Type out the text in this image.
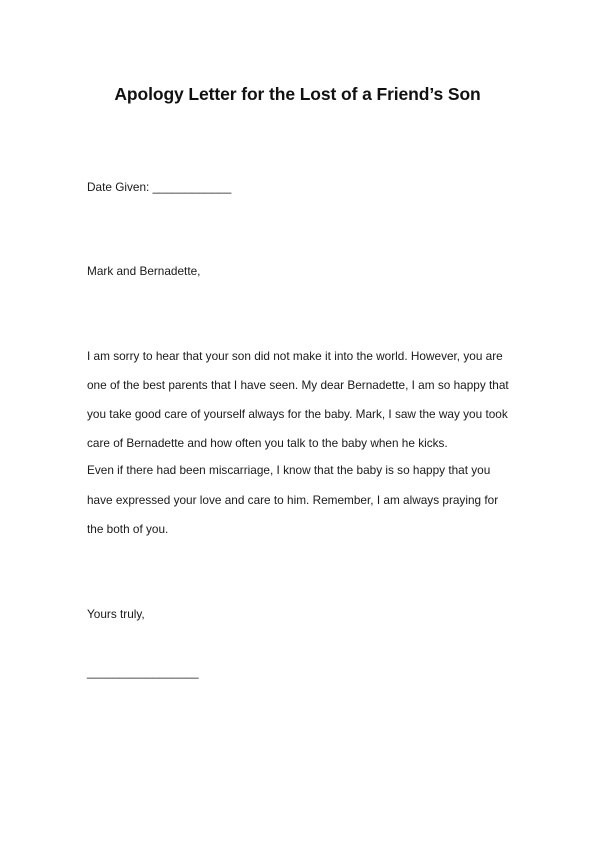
Apology Letter for the Lost of a Friend’s Son
Date Given: ____________
Mark and Bernadette,
I am sorry to hear that your son did not make it into the world. However, you are
one of the best parents that I have seen. My dear Bernadette, I am so happy that
you take good care of yourself always for the baby. Mark, I saw the way you took
care of Bernadette and how often you talk to the baby when he kicks.
Even if there had been miscarriage, I know that the baby is so happy that you
have expressed your love and care to him. Remember, I am always praying for
the both of you.
Yours truly,
_________________
